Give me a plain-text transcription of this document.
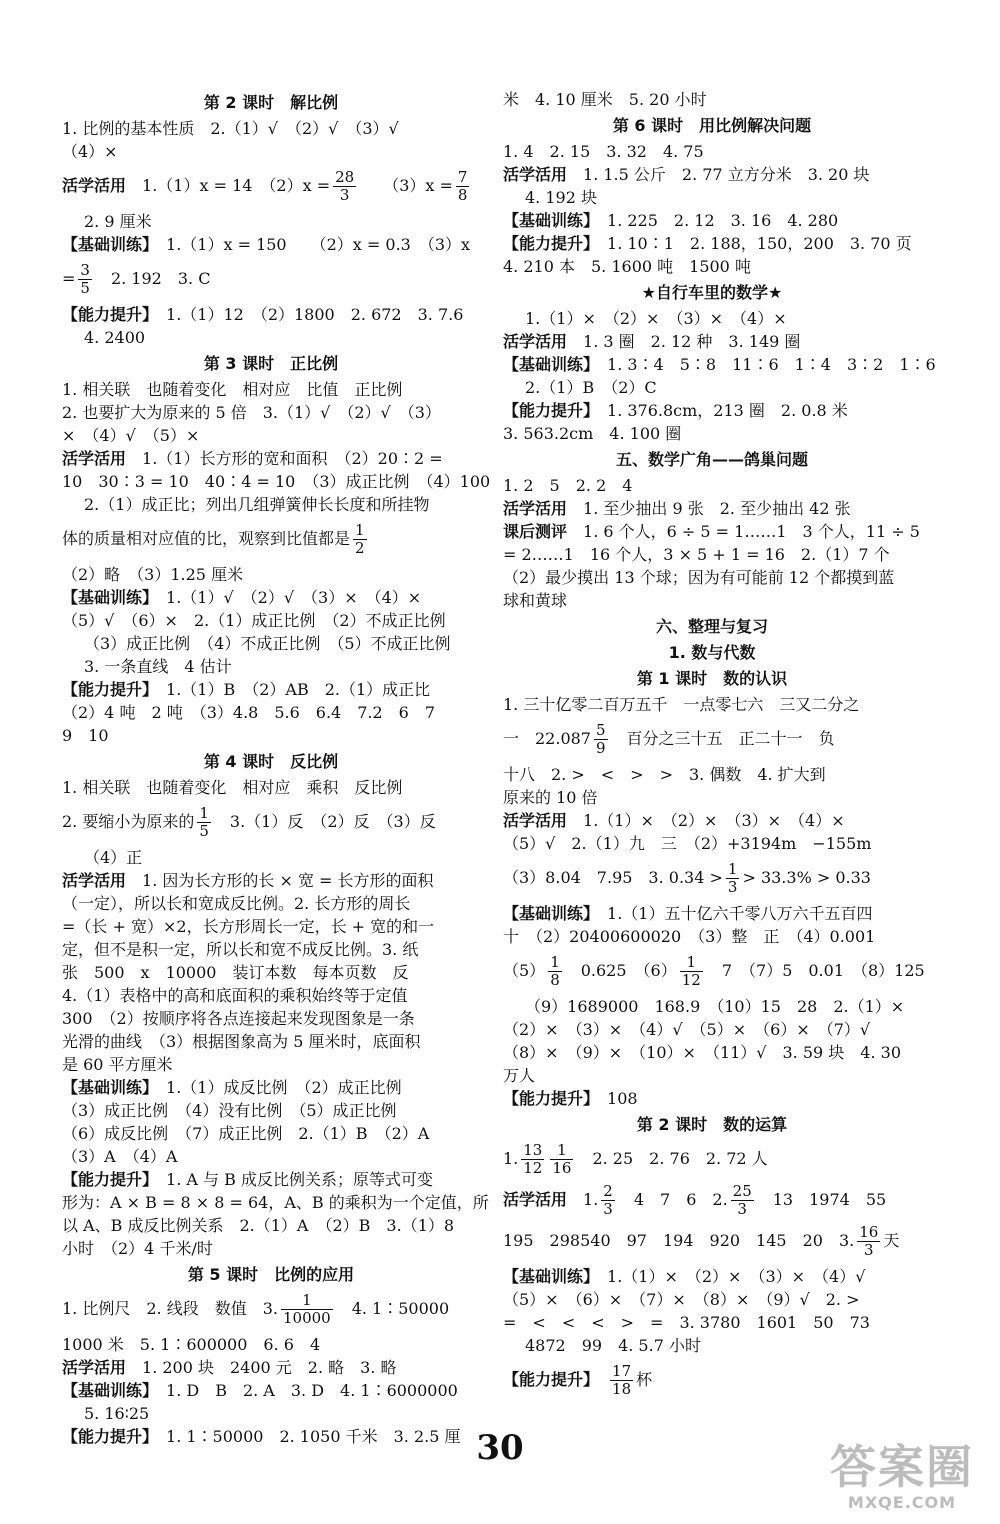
第 2 课时　解比例
1. 比例的基本性质　2.（1）√　（2）√　（3）√
（4）×
活学活用　1.（1）x = 14　$(2)x = \frac{28}{3}$ 　　$(3)x = \frac{7}{8}$
2. 9 厘米
【基础训练】　1.（1）x = 150　　（2）x = 0.3　（3）x
= $\frac{3}{5}$ 　2. 192　3. C
【能力提升】　1.（1）12　（2）1800　2. 672　3. 7.6
4. 2400
第 3 课时　正比例
1. 相关联　也随着变化　相对应　比值　正比例
2. 也要扩大为原来的 5 倍　3.（1）√　（2）√　（3）
×　（4）√　（5）×
活学活用　1.（1）长方形的宽和面积　（2）20∶2 =
10　30∶3 = 10　40∶4 = 10　（3）成正比例　（4）100
2.（1）成正比；列出几组弹簧伸长长度和所挂物
体的质量相对应值的比，观察到比值都是 $\frac{1}{2}$
（2）略　（3）1.25 厘米
【基础训练】　1.（1）√　（2）√　（3）×　（4）×
（5）√　（6）×　2.（1）成正比例　（2）不成正比例
（3）成正比例　（4）不成正比例　（5）不成正比例
3. 一条直线　4 估计
【能力提升】　1.（1）B　（2）AB　2.（1）成正比
（2）4 吨　2 吨　（3）4.8　5.6　6.4　7.2　6　7
9　10
第 4 课时　反比例
1. 相关联　也随着变化　相对应　乘积　反比例
2. 要缩小为原来的 $\frac{1}{5}$ 　3.（1）反　（2）反　（3）反
（4）正
活学活用　1. 因为长方形的长 × 宽 = 长方形的面积
（一定），所以长和宽成反比例。2. 长方形的周长
=（长 + 宽）×2，长方形周长一定，长 + 宽的和一
定，但不是积一定，所以长和宽不成反比例。3. 纸
张　500　x　10000　装订本数　每本页数　反
4.（1）表格中的高和底面积的乘积始终等于定值
300　（2）按顺序将各点连接起来发现图象是一条
光滑的曲线　（3）根据图象高为 5 厘米时，底面积
是 60 平方厘米
【基础训练】　1.（1）成反比例　（2）成正比例
（3）成正比例　（4）没有比例　（5）成正比例
（6）成反比例　（7）成正比例　2.（1）B　（2）A
（3）A　（4）A
【能力提升】　1. A 与 B 成反比例关系；原等式可变
形为：A × B = 8 × 8 = 64，A、B 的乘积为一个定值，所
以 A、B 成反比例关系　2.（1）A　（2）B　3.（1）8
小时　（2）4 千米/时
第 5 课时　比例的应用
1. 比例尺　2. 线段　数值　3. $\frac{1}{10000}$ 　4. 1∶50000
1000 米　5. 1∶600000　6. 6　4
活学活用　1. 200 块　2400 元　2. 略　3. 略
【基础训练】　1. D　B　2. A　3. D　4. 1∶6000000
5. 16∶25
【能力提升】　1. 1∶50000　2. 1050 千米　3. 2.5 厘
米　4. 10 厘米　5. 20 小时
第 6 课时　用比例解决问题
1. 4　2. 15　3. 32　4. 75
活学活用　1. 1.5 公斤　2. 77 立方分米　3. 20 块
4. 192 块
【基础训练】　1. 225　2. 12　3. 16　4. 280
【能力提升】　1. 10∶1　2. 188，150，200　3. 70 页
4. 210 本　5. 1600 吨　1500 吨
★自行车里的数学★
1.（1）×　（2）×　（3）×　（4）×
活学活用　1. 3 圈　2. 12 种　3. 149 圈
【基础训练】　1. 3∶4　5∶8　11∶6　1∶4　3∶2　1∶6
2.（1）B　（2）C
【能力提升】　1. 376.8cm，213 圈　2. 0.8 米
3. 563.2cm　4. 100 圈
五、数学广角——鸽巢问题
1. 2　5　2. 2　4
活学活用　1. 至少抽出 9 张　2. 至少抽出 42 张
课后测评　1. 6 个人，6 ÷ 5 = 1……1　3 个人，11 ÷ 5
= 2……1　16 个人，3 × 5 + 1 = 16　2.（1）7 个
（2）最少摸出 13 个球；因为有可能前 12 个都摸到蓝
球和黄球
六、整理与复习
1. 数与代数
第 1 课时　数的认识
1. 三十亿零二百万五千　一点零七六　三又二分之
一　$22.087 \frac{5}{9}$ 　百分之三十五　正二十一　负
十八　2. >　<　>　>　3. 偶数　4. 扩大到
原来的 10 倍
活学活用　1.（1）×　（2）×　（3）×　（4）×
（5）√　2.（1）九　三　（2）+3194m　−155m
（3）8.04　7.95　3. $0.34 > \frac{1}{3} > 33.3\% > 0.33$
【基础训练】　1.（1）五十亿六千零八万六千五百四
十　（2）20400600020　（3）整　正　（4）0.001
$(5) \frac{1}{8}$ 　0.625　$(6) \frac{1}{12}$ 　7　（7）5　0.01　（8）125
（9）1689000　168.9　（10）15　28　2.（1）×
（2）×　（3）×　（4）√　（5）×　（6）×　（7）√
（8）×　（9）×　（10）×　（11）√　3. 59 块　4. 30
万人
【能力提升】　108
第 2 课时　数的运算
1. $\frac{13}{12} \frac{1}{16}$ 　2. 25　2. 76　2. 72 人
活学活用　1. $\frac{2}{3}$ 　4　7　6　2. $\frac{25}{3}$ 　13　1974　55
195　298540　97　194　920　145　20　3. $\frac{16}{3}$ 天
【基础训练】　1.（1）×　（2）×　（3）×　（4）√
（5）×　（6）×　（7）×　（8）×　（9）√　2. >
=　<　<　<　>　=　3. 3780　1601　50　73
4872　99　4. 5.7 小时
【能力提升】　 $\frac{17}{18}$ 杯
30	答案圈
MXQE.COM
